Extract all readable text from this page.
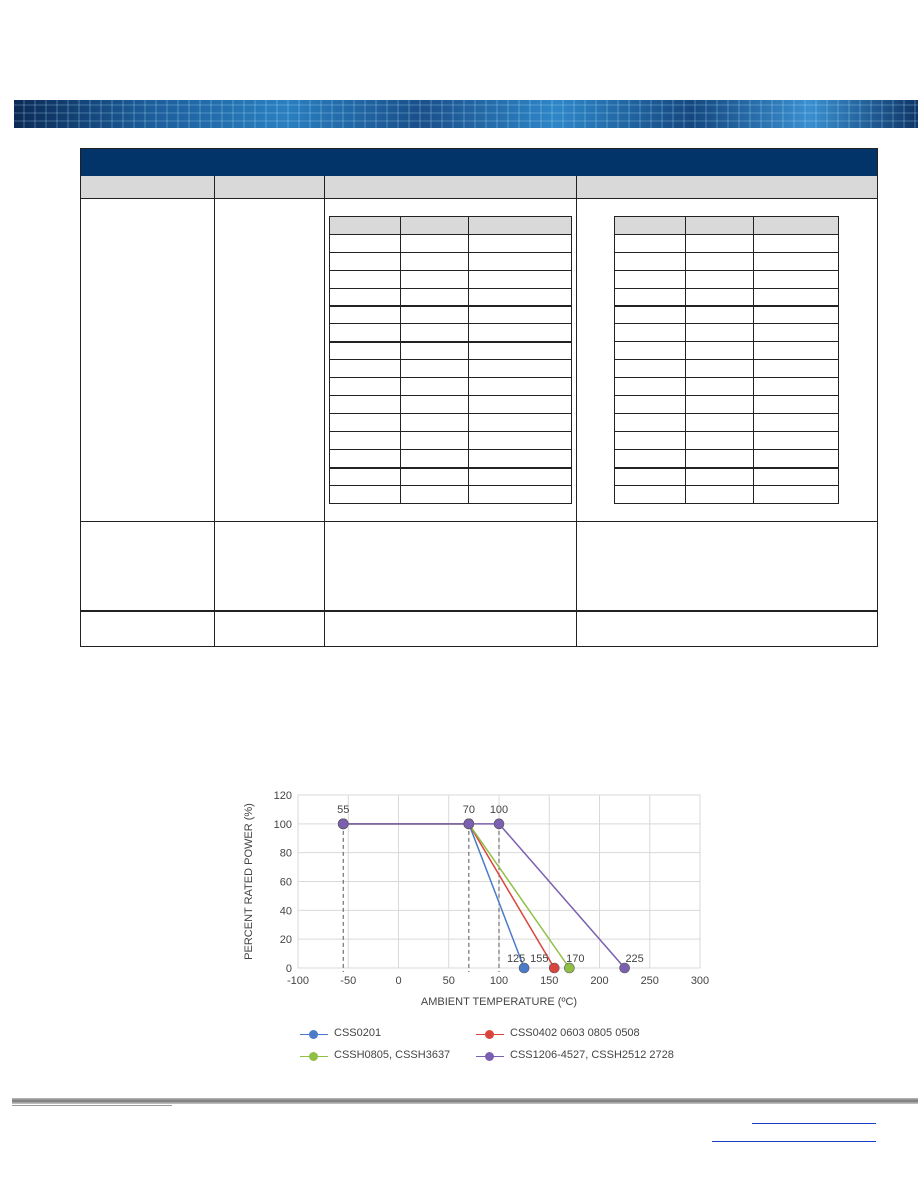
-100	-50	0	50	100	150	200	250	300
0
20
40
60
80
100
120
AMBIENT TEMPERATURE (ºC)
PERCENT RATED POWER (%)	55	70 100
125 155 170	225
CSS0201	CSS0402 0603 0805 0508
CSSH0805, CSSH3637	CSS1206-4527, CSSH2512 2728
